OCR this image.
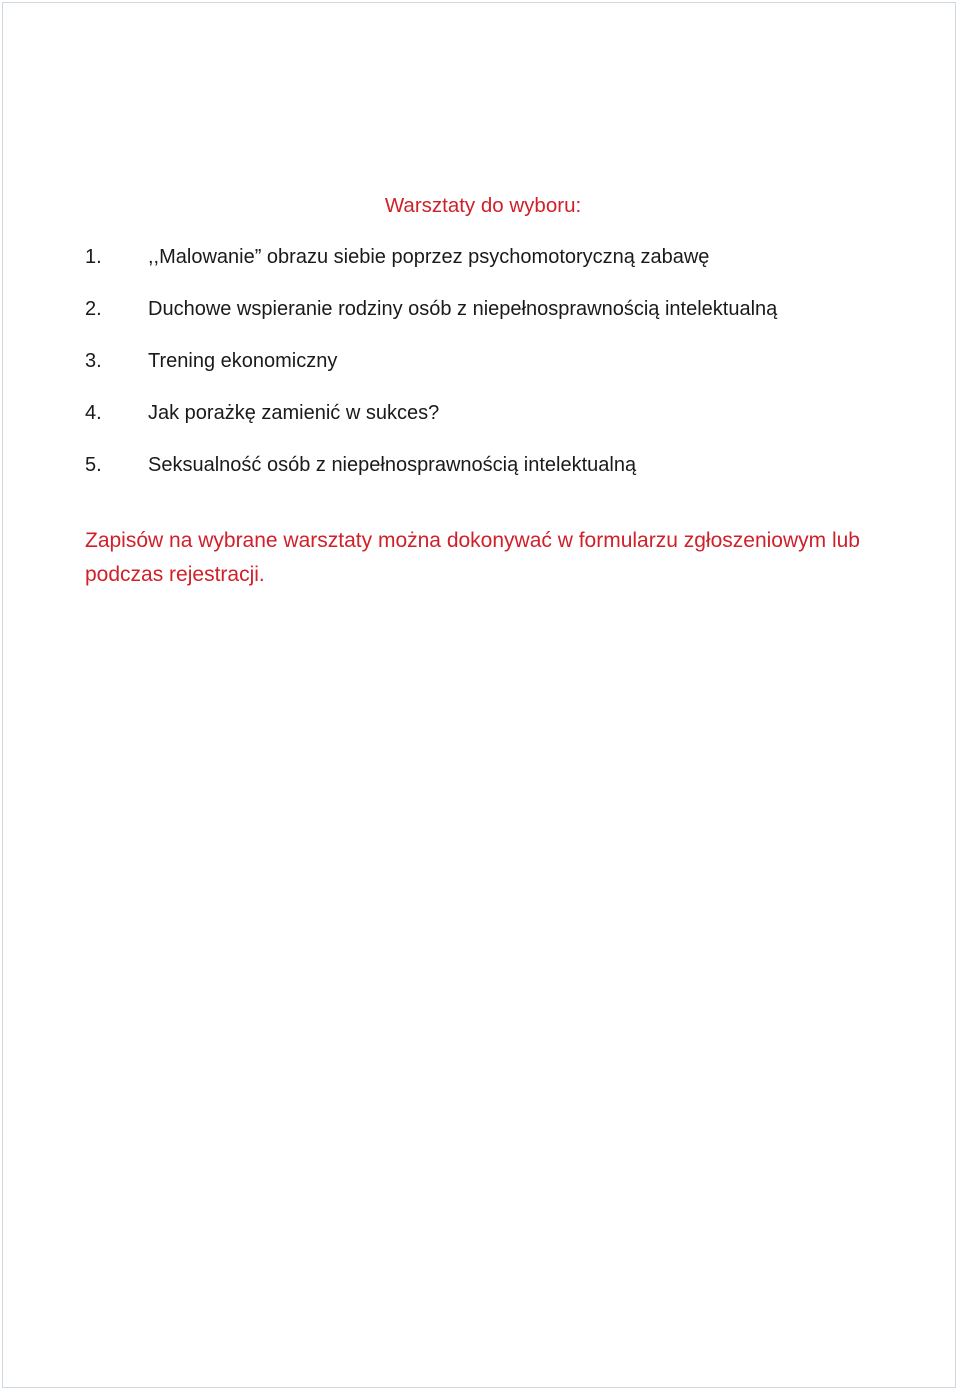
Warsztaty do wyboru:
1.	,,Malowanie” obrazu siebie poprzez psychomotoryczną zabawę
2.	Duchowe wspieranie rodziny osób z niepełnosprawnością intelektualną
3.	Trening ekonomiczny
4.	Jak porażkę zamienić w sukces?
5.	Seksualność osób z niepełnosprawnością intelektualną

Zapisów na wybrane warsztaty można dokonywać w formularzu zgłoszeniowym lub podczas rejestracji.
